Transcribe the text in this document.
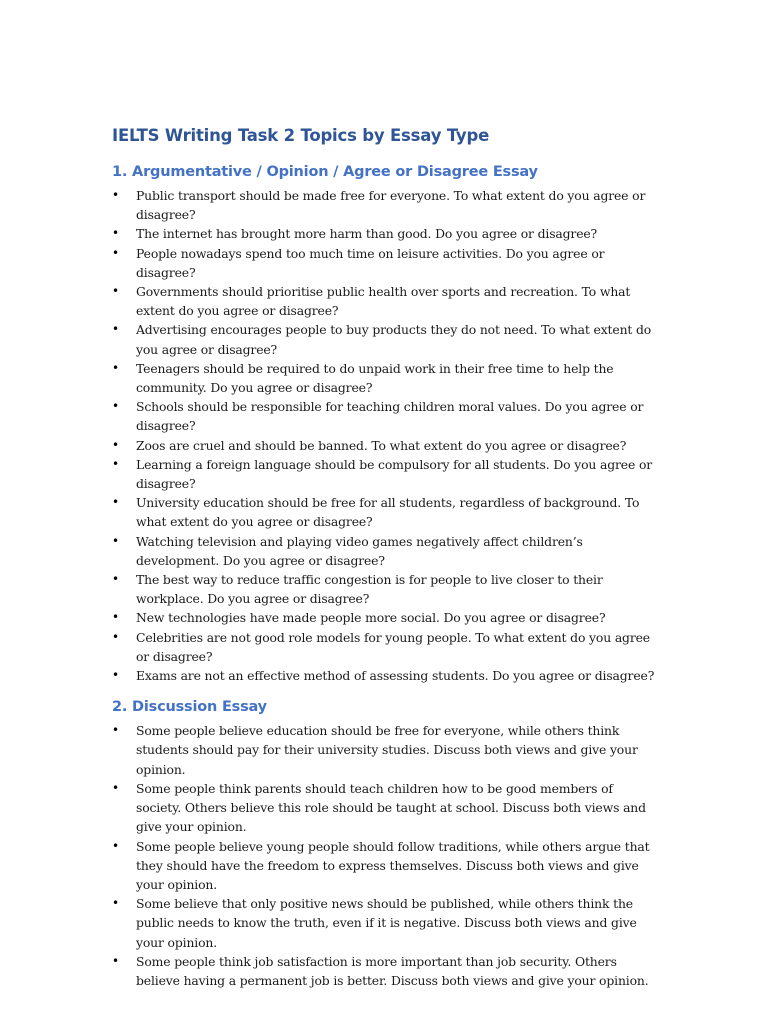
IELTS Writing Task 2 Topics by Essay Type
1. Argumentative / Opinion / Agree or Disagree Essay
•	Public transport should be made free for everyone. To what extent do you agree or disagree?
•	The internet has brought more harm than good. Do you agree or disagree?
•	People nowadays spend too much time on leisure activities. Do you agree or disagree?
•	Governments should prioritise public health over sports and recreation. To what extent do you agree or disagree?
•	Advertising encourages people to buy products they do not need. To what extent do you agree or disagree?
•	Teenagers should be required to do unpaid work in their free time to help the community. Do you agree or disagree?
•	Schools should be responsible for teaching children moral values. Do you agree or disagree?
•	Zoos are cruel and should be banned. To what extent do you agree or disagree?
•	Learning a foreign language should be compulsory for all students. Do you agree or disagree?
•	University education should be free for all students, regardless of background. To what extent do you agree or disagree?
•	Watching television and playing video games negatively affect children’s development. Do you agree or disagree?
•	The best way to reduce traffic congestion is for people to live closer to their workplace. Do you agree or disagree?
•	New technologies have made people more social. Do you agree or disagree?
•	Celebrities are not good role models for young people. To what extent do you agree or disagree?
•	Exams are not an effective method of assessing students. Do you agree or disagree?
2. Discussion Essay
•	Some people believe education should be free for everyone, while others think students should pay for their university studies. Discuss both views and give your opinion.
•	Some people think parents should teach children how to be good members of society. Others believe this role should be taught at school. Discuss both views and give your opinion.
•	Some people believe young people should follow traditions, while others argue that they should have the freedom to express themselves. Discuss both views and give your opinion.
•	Some believe that only positive news should be published, while others think the public needs to know the truth, even if it is negative. Discuss both views and give your opinion.
•	Some people think job satisfaction is more important than job security. Others believe having a permanent job is better. Discuss both views and give your opinion.
